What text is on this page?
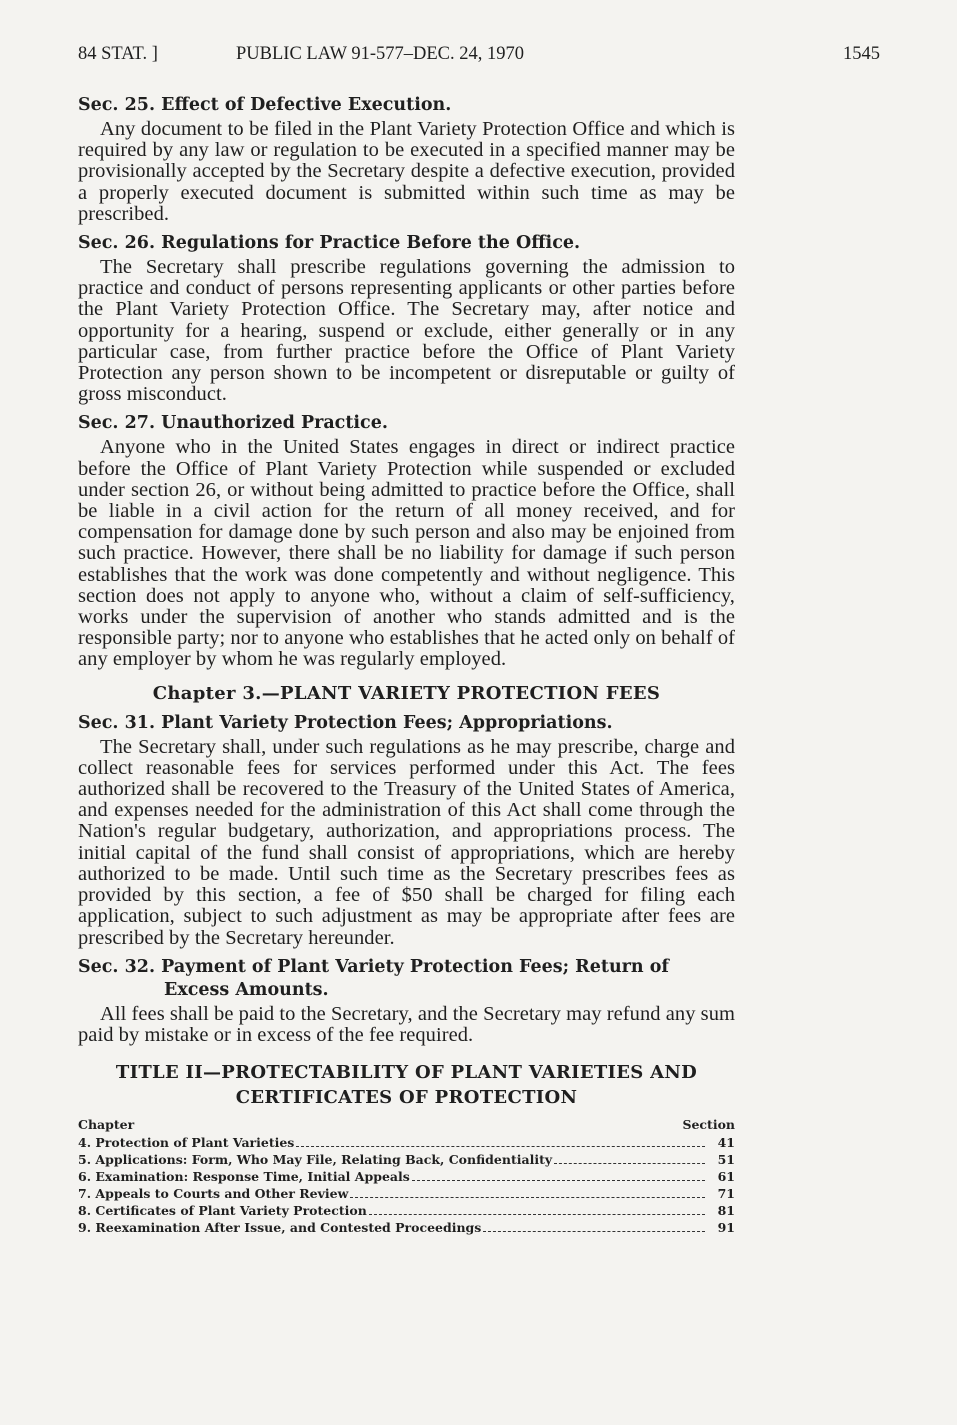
84 STAT. ]	PUBLIC LAW 91-577–DEC. 24, 1970	1545
Sec. 25. Effect of Defective Execution.

Any document to be filed in the Plant Variety Protection Office and which is required by any law or regulation to be executed in a specified manner may be provisionally accepted by the Secretary despite a defective execution, provided a properly executed document is submitted within such time as may be prescribed.

Sec. 26. Regulations for Practice Before the Office.

The Secretary shall prescribe regulations governing the admission to practice and conduct of persons representing applicants or other parties before the Plant Variety Protection Office. The Secretary may, after notice and opportunity for a hearing, suspend or exclude, either generally or in any particular case, from further practice before the Office of Plant Variety Protection any person shown to be incompetent or disreputable or guilty of gross misconduct.

Sec. 27. Unauthorized Practice.

Anyone who in the United States engages in direct or indirect practice before the Office of Plant Variety Protection while suspended or excluded under section 26, or without being admitted to practice before the Office, shall be liable in a civil action for the return of all money received, and for compensation for damage done by such person and also may be enjoined from such practice. However, there shall be no liability for damage if such person establishes that the work was done competently and without negligence. This section does not apply to anyone who, without a claim of self-sufficiency, works under the supervision of another who stands admitted and is the responsible party; nor to anyone who establishes that he acted only on behalf of any employer by whom he was regularly employed.

Chapter 3.—PLANT VARIETY PROTECTION FEES
Sec. 31. Plant Variety Protection Fees; Appropriations.

The Secretary shall, under such regulations as he may prescribe, charge and collect reasonable fees for services performed under this Act. The fees authorized shall be recovered to the Treasury of the United States of America, and expenses needed for the administration of this Act shall come through the Nation's regular budgetary, authorization, and appropriations process. The initial capital of the fund shall consist of appropriations, which are hereby authorized to be made. Until such time as the Secretary prescribes fees as provided by this section, a fee of $50 shall be charged for filing each application, subject to such adjustment as may be appropriate after fees are prescribed by the Secretary hereunder.

Sec. 32. Payment of Plant Variety Protection Fees; Return of Excess Amounts.

All fees shall be paid to the Secretary, and the Secretary may refund any sum paid by mistake or in excess of the fee required.

TITLE II—PROTECTABILITY OF PLANT VARIETIES AND
CERTIFICATES OF PROTECTION
Chapter	Section
4. Protection of Plant Varieties	41
5. Applications: Form, Who May File, Relating Back, Confidentiality	51
6. Examination: Response Time, Initial Appeals	61
7. Appeals to Courts and Other Review	71
8. Certificates of Plant Variety Protection	81
9. Reexamination After Issue, and Contested Proceedings	91
